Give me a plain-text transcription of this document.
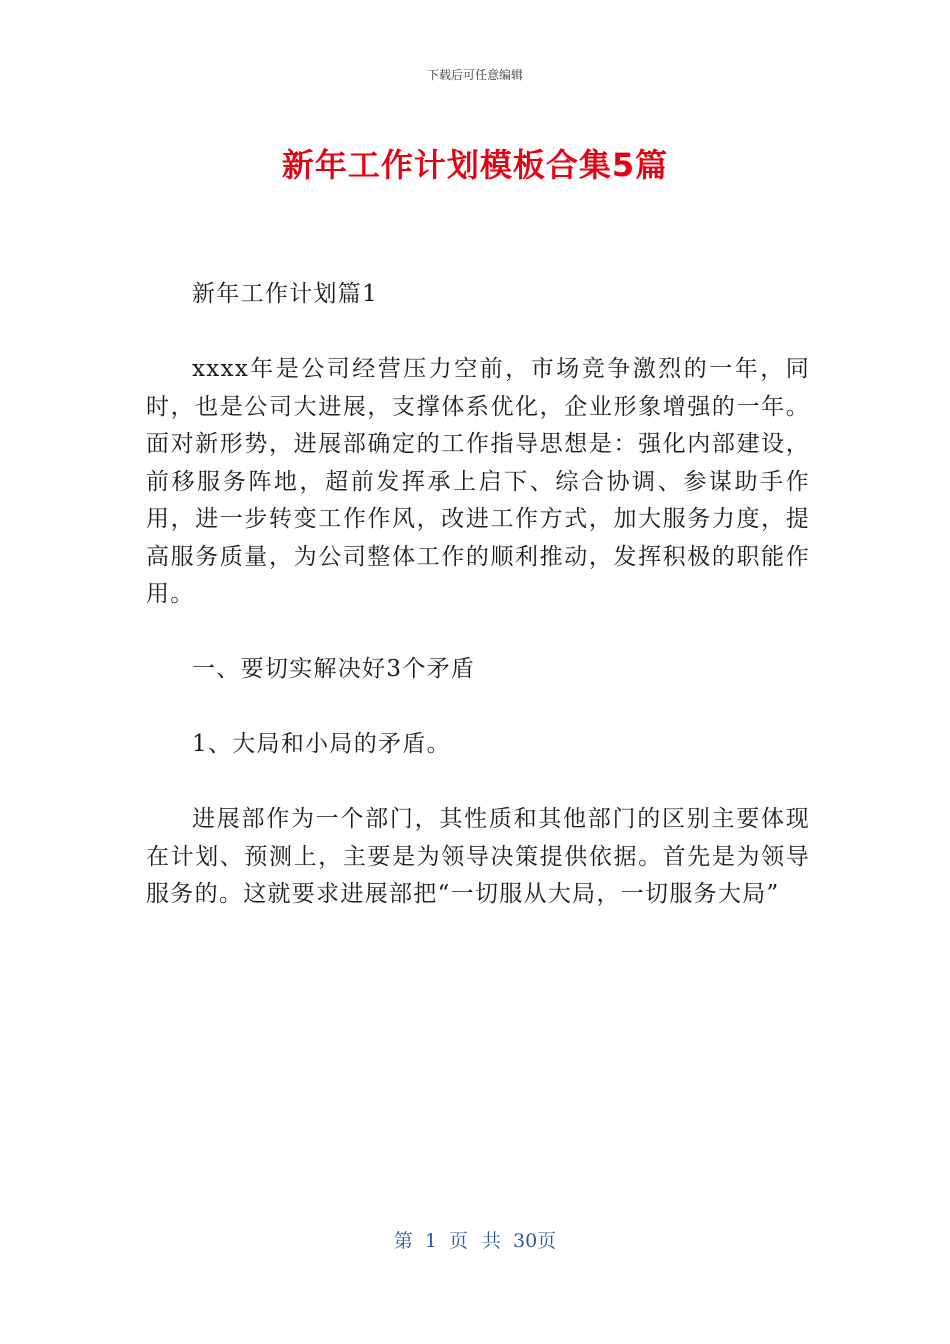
下载后可任意编辑
新年工作计划模板合集5篇

新年工作计划篇1

xxxx年是公司经营压力空前，市场竞争激烈的一年，同时，也是公司大进展，支撑体系优化，企业形象增强的一年。面对新形势，进展部确定的工作指导思想是：强化内部建设，前移服务阵地，超前发挥承上启下、综合协调、参谋助手作用，进一步转变工作作风，改进工作方式，加大服务力度，提高服务质量，为公司整体工作的顺利推动，发挥积极的职能作用。

一、要切实解决好3个矛盾

1、大局和小局的矛盾。

进展部作为一个部门，其性质和其他部门的区别主要体现在计划、预测上，主要是为领导决策提供依据。首先是为领导服务的。这就要求进展部把“一切服从大局，一切服务大局”

第 1 页 共 30页
